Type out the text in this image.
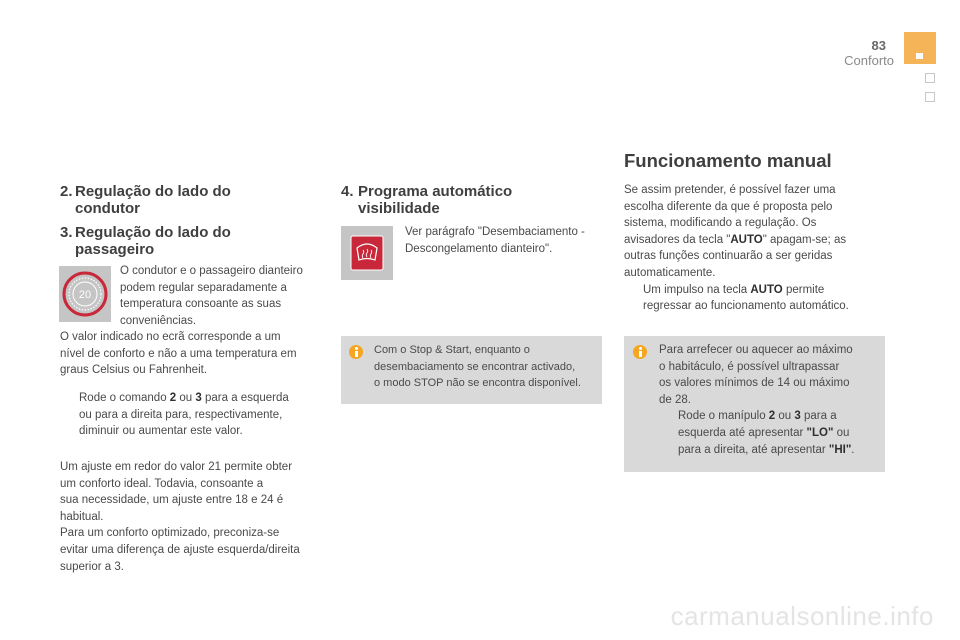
83
Conforto
2. Regulação do lado do
condutor
3. Regulação do lado do
passageiro
20
O condutor e o passageiro dianteiro
podem regular separadamente a
temperatura consoante as suas
conveniências.
O valor indicado no ecrã corresponde a um
nível de conforto e não a uma temperatura em
graus Celsius ou Fahrenheit.
Rode o comando 2 ou 3 para a esquerda
ou para a direita para, respectivamente,
diminuir ou aumentar este valor.
Um ajuste em redor do valor 21 permite obter
um conforto ideal. Todavia, consoante a
sua necessidade, um ajuste entre 18 e 24 é
habitual.
Para um conforto optimizado, preconiza-se
evitar uma diferença de ajuste esquerda/direita
superior a 3.
4. Programa automático
visibilidade
Ver parágrafo "Desembaciamento -
Descongelamento dianteiro".
Com o Stop & Start, enquanto o
desembaciamento se encontrar activado,
o modo STOP não se encontra disponível.
Funcionamento manual
Se assim pretender, é possível fazer uma
escolha diferente da que é proposta pelo
sistema, modificando a regulação. Os
avisadores da tecla "AUTO" apagam-se; as
outras funções continuarão a ser geridas
automaticamente.
Um impulso na tecla AUTO permite
regressar ao funcionamento automático.
Para arrefecer ou aquecer ao máximo
o habitáculo, é possível ultrapassar
os valores mínimos de 14 ou máximo
de 28.
Rode o manípulo 2 ou 3 para a
esquerda até apresentar "LO" ou
para a direita, até apresentar "HI".
carmanualsonline.info
